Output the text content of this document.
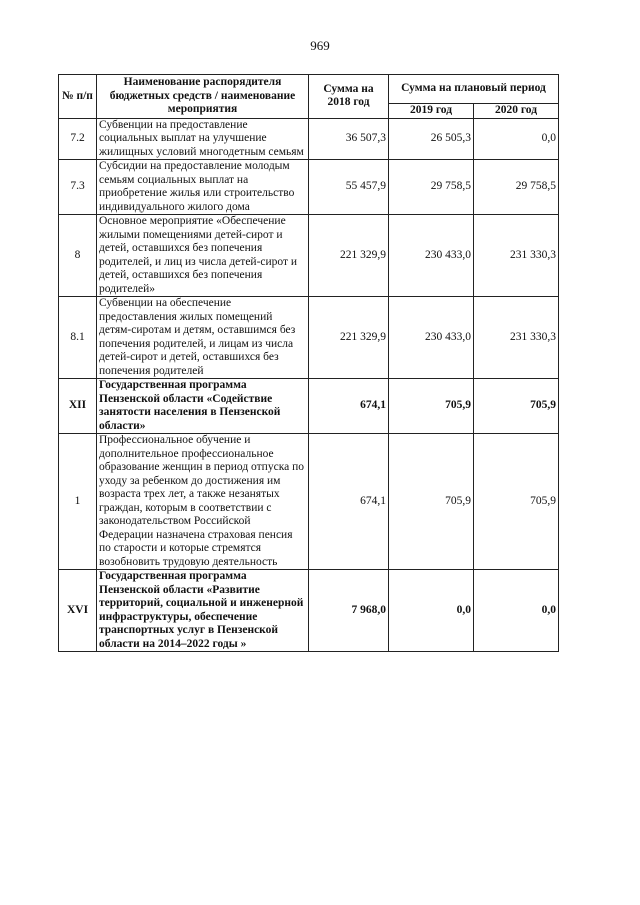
969
№ п/п	Наименование распорядителя бюджетных средств / наименование мероприятия	Сумма на 2018 год	Сумма на плановый период	
			2019 год	2020 год
7.2	Субвенции на предоставление социальных выплат на улучшение жилищных условий многодетным семьям	36 507,3	26 505,3	0,0
7.3	Субсидии на предоставление молодым семьям социальных выплат на приобретение жилья или строительство индивидуального жилого дома	55 457,9	29 758,5	29 758,5
8	Основное мероприятие «Обеспечение жилыми помещениями детей-сирот и детей, оставшихся без попечения родителей, и лиц из числа детей-сирот и детей, оставшихся без попечения родителей»	221 329,9	230 433,0	231 330,3
8.1	Субвенции на обеспечение предоставления жилых помещений детям-сиротам и детям, оставшимся без попечения родителей, и лицам из числа детей-сирот и детей, оставшихся без попечения родителей	221 329,9	230 433,0	231 330,3
XII	Государственная программа Пензенской области «Содействие занятости населения в Пензенской области»	674,1	705,9	705,9
1	Профессиональное обучение и дополнительное профессиональное образование женщин в период отпуска по уходу за ребенком до достижения им возраста трех лет, а также незанятых граждан, которым в соответствии с законодательством Российской Федерации назначена страховая пенсия по старости и которые стремятся возобновить трудовую деятельность	674,1	705,9	705,9
XVI	Государственная программа Пензенской области «Развитие территорий, социальной и инженерной инфраструктуры, обеспечение транспортных услуг в Пензенской области на 2014–2022 годы »	7 968,0	0,0	0,0
